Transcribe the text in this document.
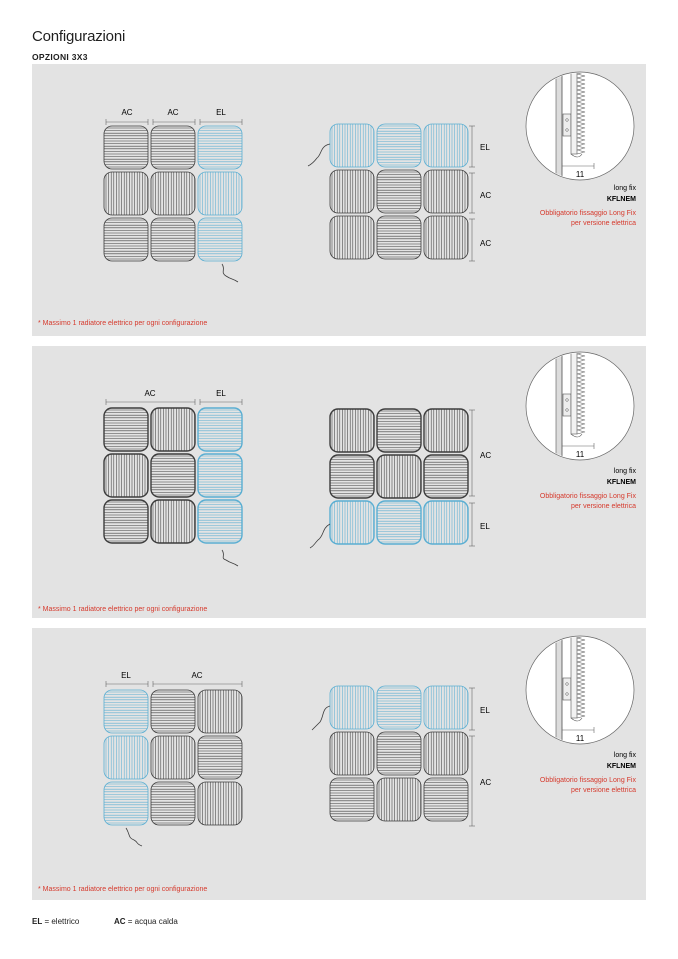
Configurazioni
OPZIONI 3X3
AC	AC	EL
EL
AC
AC
11
long fix
KFLNEM
Obbligatorio fissaggio Long Fix
per versione elettrica
* Massimo 1 radiatore elettrico per ogni configurazione
AC	EL
AC
EL
11
long fix
KFLNEM
Obbligatorio fissaggio Long Fix
per versione elettrica
* Massimo 1 radiatore elettrico per ogni configurazione
EL	AC
EL
AC
11
long fix
KFLNEM
Obbligatorio fissaggio Long Fix
per versione elettrica
* Massimo 1 radiatore elettrico per ogni configurazione
EL = elettrico	AC = acqua calda
